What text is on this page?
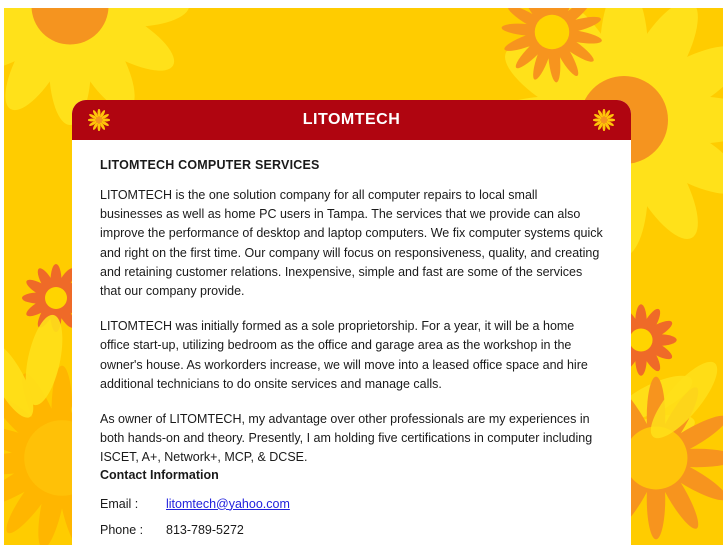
LITOMTECH
LITOMTECH COMPUTER SERVICES

LITOMTECH is the one solution company for all computer repairs to local small businesses as well as home PC users in Tampa. The services that we provide can also improve the performance of desktop and laptop computers. We fix computer systems quick and right on the first time. Our company will focus on responsiveness, quality, and creating and retaining customer relations. Inexpensive, simple and fast are some of the services that our company provide.

LITOMTECH was initially formed as a sole proprietorship. For a year, it will be a home office start-up, utilizing bedroom as the office and garage area as the workshop in the owner's house. As workorders increase, we will move into a leased office space and hire additional technicians to do onsite services and manage calls.

As owner of LITOMTECH, my advantage over other professionals are my experiences in both hands-on and theory. Presently, I am holding five certifications in computer including ISCET, A+, Network+, MCP, & DCSE.

Contact Information
Email :	litomtech@yahoo.com
Phone :	813-789-5272
